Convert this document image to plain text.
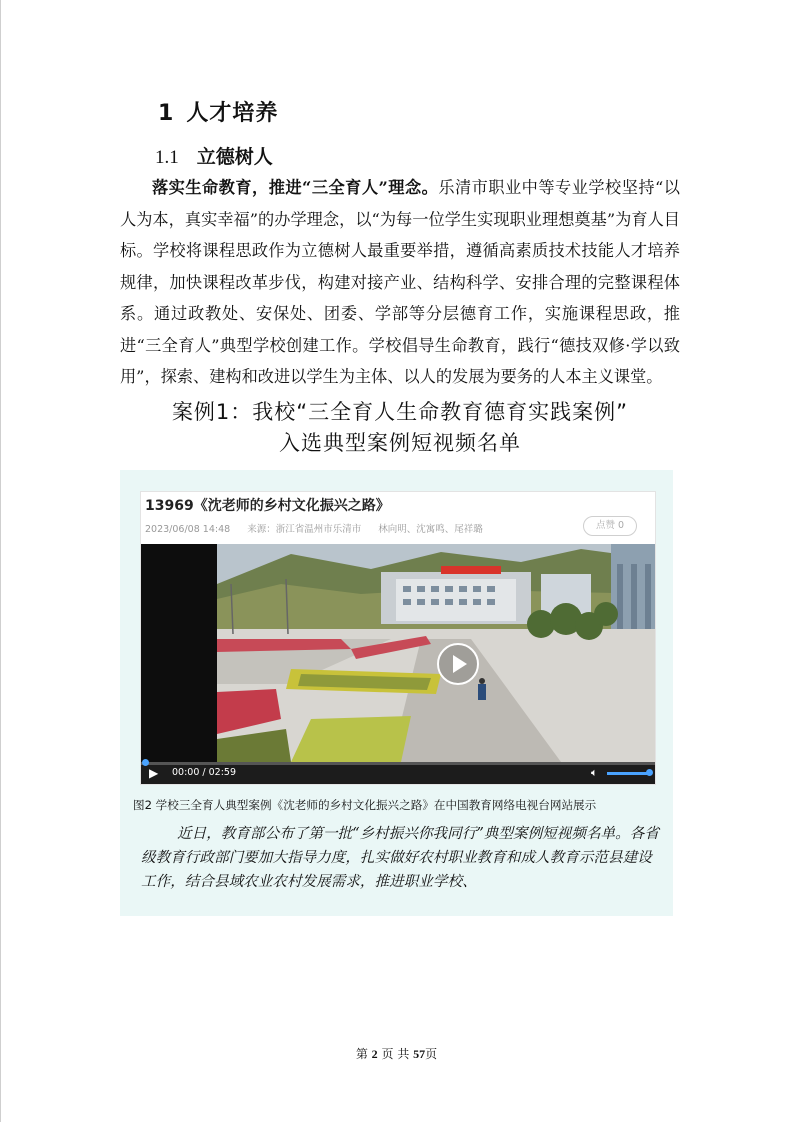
1 人才培养
1.1 立德树人

落实生命教育，推进“三全育人”理念。乐清市职业中等专业学校坚持“以人为本，真实幸福”的办学理念，以“为每一位学生实现职业理想奠基”为育人目标。学校将课程思政作为立德树人最重要举措，遵循高素质技术技能人才培养规律，加快课程改革步伐，构建对接产业、结构科学、安排合理的完整课程体系。通过政教处、安保处、团委、学部等分层德育工作，实施课程思政，推进“三全育人”典型学校创建工作。学校倡导生命教育，践行“德技双修·学以致用”，探索、建构和改进以学生为主体、以人的发展为要务的人本主义课堂。

案例1：我校“三全育人生命教育德育实践案例”
入选典型案例短视频名单
13969《沈老师的乡村文化振兴之路》
2023/06/08 14:48 来源：浙江省温州市乐清市 林向明、沈寓鸣、尾祥璐	点赞 0
▶ 00:00 / 02:59	🔈︎
图2 学校三全育人典型案例《沈老师的乡村文化振兴之路》在中国教育网络电视台网站展示

近日，教育部公布了第一批“乡村振兴你我同行”典型案例短视频名单。各省级教育行政部门要加大指导力度，扎实做好农村职业教育和成人教育示范县建设工作，结合县域农业农村发展需求，推进职业学校、

第 2 页 共 57页
